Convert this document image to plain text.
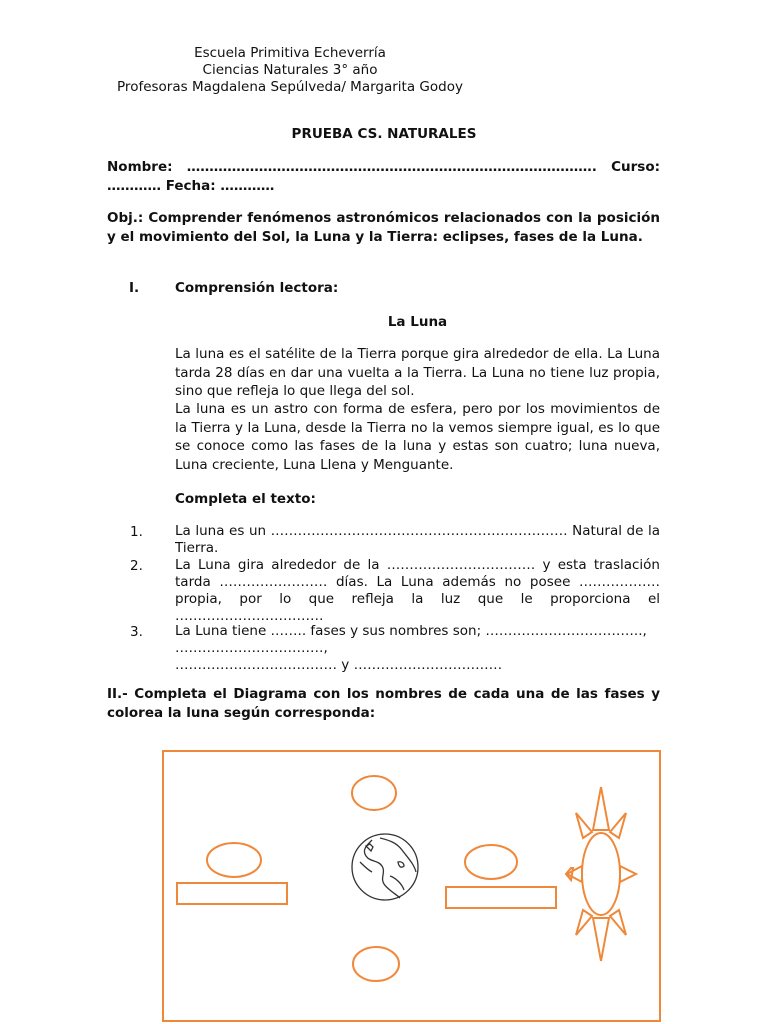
Escuela Primitiva Echeverría
Ciencias Naturales 3° año
Profesoras Magdalena Sepúlveda/ Margarita Godoy
PRUEBA CS. NATURALES
Nombre: ………………………………………………………………………………. Curso:
………… Fecha: …………
Obj.: Comprender fenómenos astronómicos relacionados con la posición y el movimiento del Sol, la Luna y la Tierra: eclipses, fases de la Luna.
I.	Comprensión lectora:
La Luna
La luna es el satélite de la Tierra porque gira alrededor de ella. La Luna tarda 28 días en dar una vuelta a la Tierra. La Luna no tiene luz propia, sino que refleja lo que llega del sol.
La luna es un astro con forma de esfera, pero por los movimientos de la Tierra y la Luna, desde la Tierra no la vemos siempre igual, es lo que se conoce como las fases de la luna y estas son cuatro; luna nueva, Luna creciente, Luna Llena y Menguante.
Completa el texto:
1. La luna es un ………………………………………………………… Natural de la Tierra.
2. La Luna gira alrededor de la …………………………… y esta traslación tarda …………………… días. La Luna además no posee ……………… propia, por lo que refleja la luz que le proporciona el ……………………………
3. La Luna tiene …….. fases y sus nombres son; ……………………………..,
……………………………,
……………………………… y ……………………………
II.- Completa el Diagrama con los nombres de cada una de las fases y colorea la luna según corresponda:
